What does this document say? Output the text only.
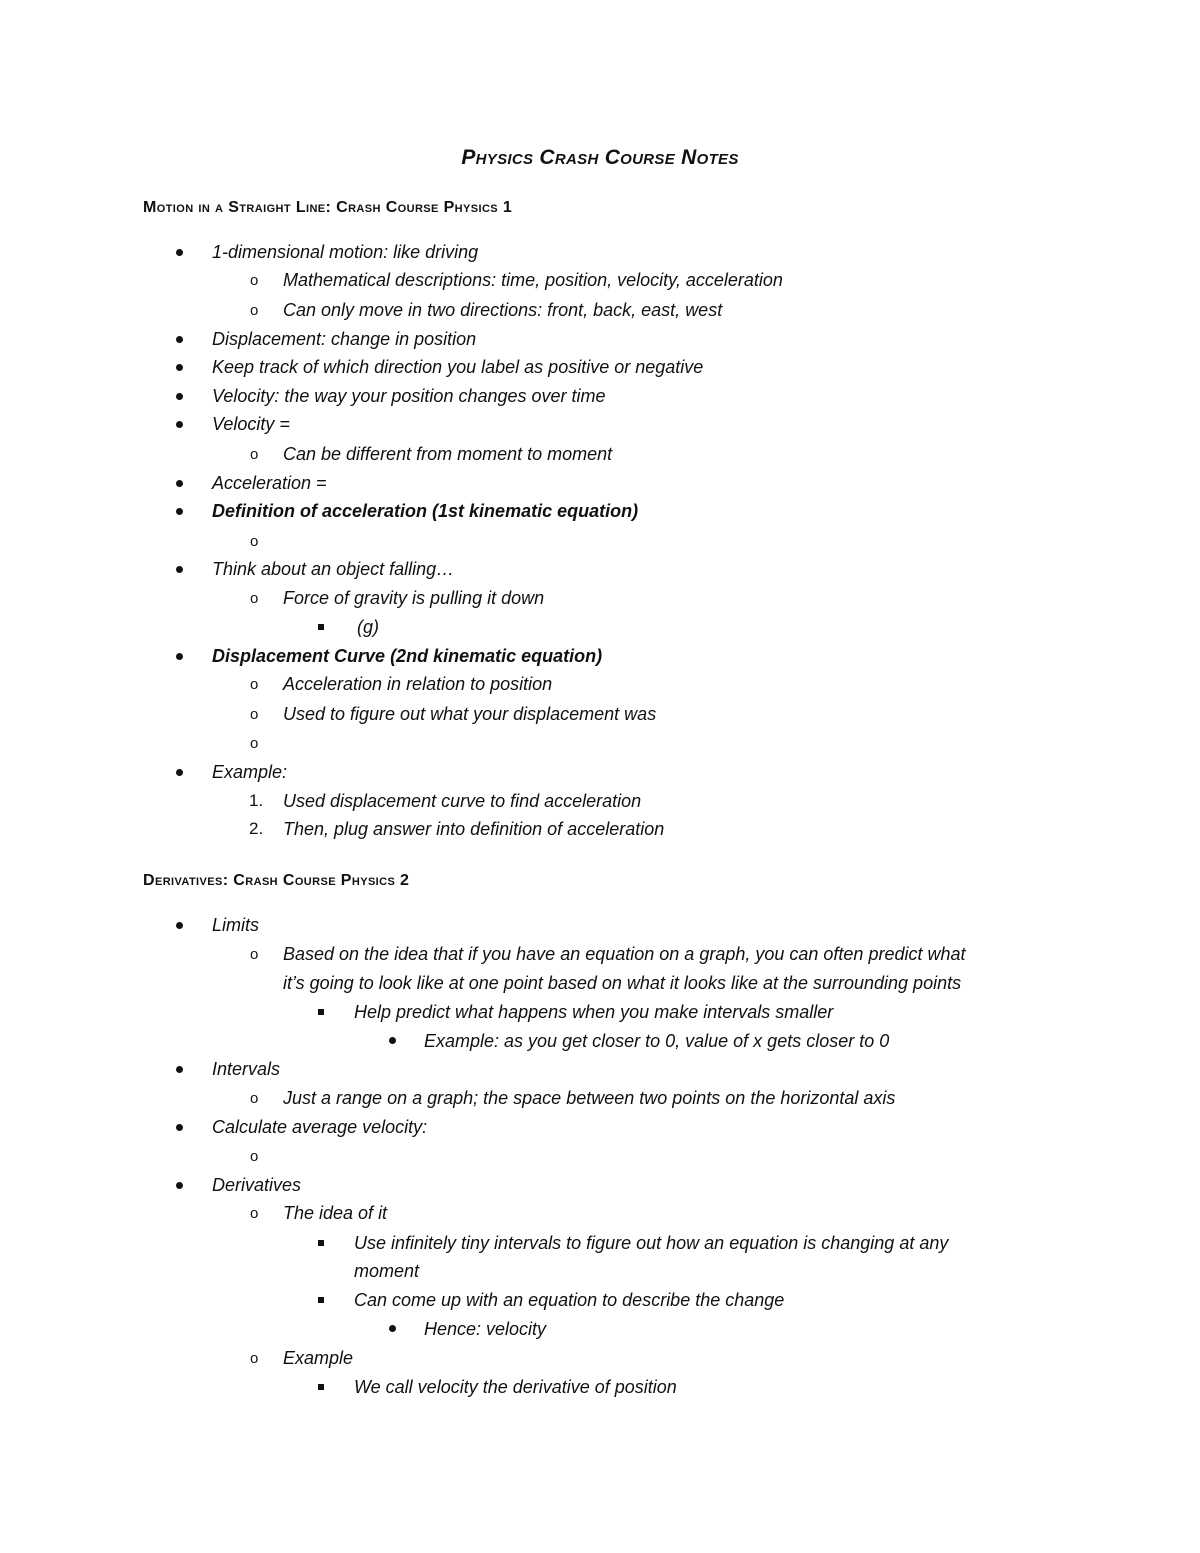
Physics Crash Course Notes
Motion in a Straight Line: Crash Course Physics 1
1-dimensional motion: like driving
o Mathematical descriptions: time, position, velocity, acceleration
o Can only move in two directions: front, back, east, west
Displacement: change in position
Keep track of which direction you label as positive or negative
Velocity: the way your position changes over time
Velocity =
o Can be different from moment to moment
Acceleration =
Definition of acceleration (1st kinematic equation)
o
Think about an object falling…
o Force of gravity is pulling it down
(g)
Displacement Curve (2nd kinematic equation)
o Acceleration in relation to position
o Used to figure out what your displacement was
o
Example:
1. Used displacement curve to find acceleration
2. Then, plug answer into definition of acceleration
Derivatives: Crash Course Physics 2
Limits
o Based on the idea that if you have an equation on a graph, you can often predict what
it’s going to look like at one point based on what it looks like at the surrounding points
Help predict what happens when you make intervals smaller
Example: as you get closer to 0, value of x gets closer to 0
Intervals
o Just a range on a graph; the space between two points on the horizontal axis
Calculate average velocity:
o
Derivatives
o The idea of it
Use infinitely tiny intervals to figure out how an equation is changing at any
moment
Can come up with an equation to describe the change
Hence: velocity
o Example
We call velocity the derivative of position
